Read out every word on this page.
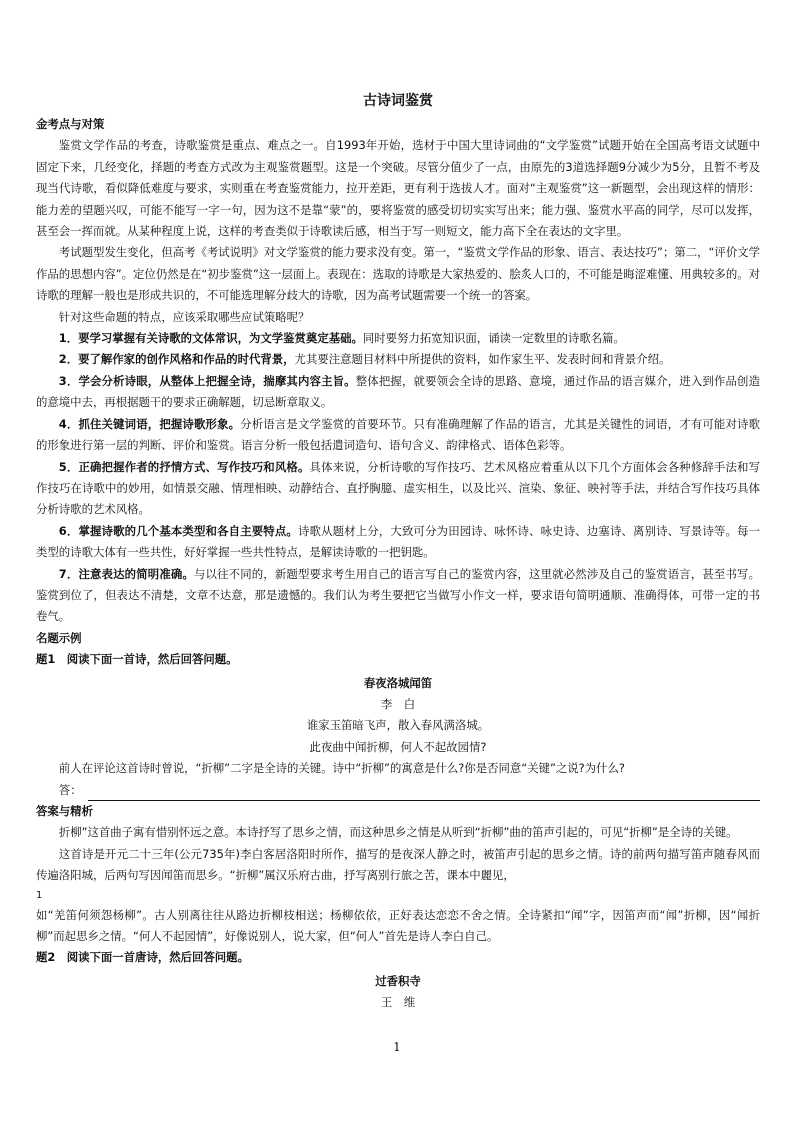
古诗词鉴赏
金考点与对策

鉴赏文学作品的考查，诗歌鉴赏是重点、难点之一。自1993年开始，选材于中国大里诗词曲的“文学鉴赏”试题开始在全国高考语文试题中固定下来，几经变化，择题的考查方式改为主观鉴赏题型。这是一个突破。尽管分值少了一点，由原先的3道选择题9分减少为5分，且暂不考及现当代诗歌，看似降低难度与要求，实则重在考查鉴赏能力，拉开差距，更有利于选拔人才。面对“主观鉴赏”这一新题型，会出现这样的情形：能力差的望题兴叹，可能不能写一字一句，因为这不是靠“蒙”的，要将鉴赏的感受切切实实写出来；能力强、鉴赏水平高的同学，尽可以发挥，甚至会一挥而就。从某种程度上说，这样的考查类似于诗歌读后感，相当于写一则短文，能力高下全在表达的文字里。

考试题型发生变化，但高考《考试说明》对文学鉴赏的能力要求没有变。第一，“鉴赏文学作品的形象、语言、表达技巧”；第二，“评价文学作品的思想内容”。定位仍然是在“初步鉴赏”这一层面上。表现在：选取的诗歌是大家热爱的、脍炙人口的，不可能是晦涩难懂、用典较多的。对诗歌的理解一般也是形成共识的，不可能选理解分歧大的诗歌，因为高考试题需要一个统一的答案。

针对这些命题的特点，应该采取哪些应试策略呢？

1．要学习掌握有关诗歌的文体常识，为文学鉴赏奠定基础。同时要努力拓宽知识面，诵读一定数里的诗歌名篇。

2．要了解作家的创作风格和作品的时代背景，尤其要注意题目材料中所提供的资料，如作家生平、发表时间和背景介绍。

3．学会分析诗眼，从整体上把握全诗，揣摩其内容主旨。整体把握，就要领会全诗的思路、意境，通过作品的语言媒介，进入到作品创造的意境中去，再根据题干的要求正确解题，切忌断章取义。

4．抓住关键词语，把握诗歌形象。分析语言是文学鉴赏的首要环节。只有准确理解了作品的语言，尤其是关键性的词语，才有可能对诗歌的形象进行第一层的判断、评价和鉴赏。语言分析一般包括遣词造句、语句含义、韵律格式、语体色彩等。

5．正确把握作者的抒情方式、写作技巧和风格。具体来说，分析诗歌的写作技巧、艺术风格应着重从以下几个方面体会各种修辞手法和写作技巧在诗歌中的妙用，如情景交融、情理相映、动静结合、直抒胸臆、虚实相生，以及比兴、渲染、象征、映衬等手法，并结合写作技巧具体分析诗歌的艺术风格。

6．掌握诗歌的几个基本类型和各自主要特点。诗歌从题材上分，大致可分为田园诗、咏怀诗、咏史诗、边塞诗、离别诗、写景诗等。每一类型的诗歌大体有一些共性，好好掌握一些共性特点，是解读诗歌的一把钥匙。

7．注意表达的简明准确。与以往不同的，新题型要求考生用自己的语言写自己的鉴赏内容，这里就必然涉及自己的鉴赏语言，甚至书写。鉴赏到位了，但表达不清楚，文章不达意，那是遗憾的。我们认为考生要把它当做写小作文一样，要求语句简明通顺、准确得体，可带一定的书卷气。

名题示例
题1　阅读下面一首诗，然后回答问题。
春夜洛城闻笛
李　白
谁家玉笛暗飞声，散入春风满洛城。
此夜曲中闻折柳，何人不起故园情?

前人在评论这首诗时曾说，“折柳”二字是全诗的关键。诗中“折柳”的寓意是什么?你是否同意“关键”之说?为什么?

答：
答案与精析

折柳”这首曲子寓有惜别怀远之意。本诗抒写了思乡之情，而这种思乡之情是从听到“折柳”曲的笛声引起的，可见“折柳”是全诗的关键。

这首诗是开元二十三年(公元735年)李白客居洛阳时所作，描写的是夜深人静之时，被笛声引起的思乡之情。诗的前两句描写笛声随春风而传遍洛阳城，后两句写因闻笛而思乡。“折柳”属汉乐府古曲，抒写离别行旅之苦，课本中麗见，

1

如“羌笛何须怨杨柳”。古人别离往往从路边折柳枝相送；杨柳依依，正好表达恋恋不舍之情。全诗紧扣“闻”字，因笛声而“闻”折柳，因“闻折柳”而起思乡之情。“何人不起园情”，好像说别人，说大家，但“何人”首先是诗人李白自己。

题2　阅读下面一首唐诗，然后回答问题。
过香积寺
王　维
1
